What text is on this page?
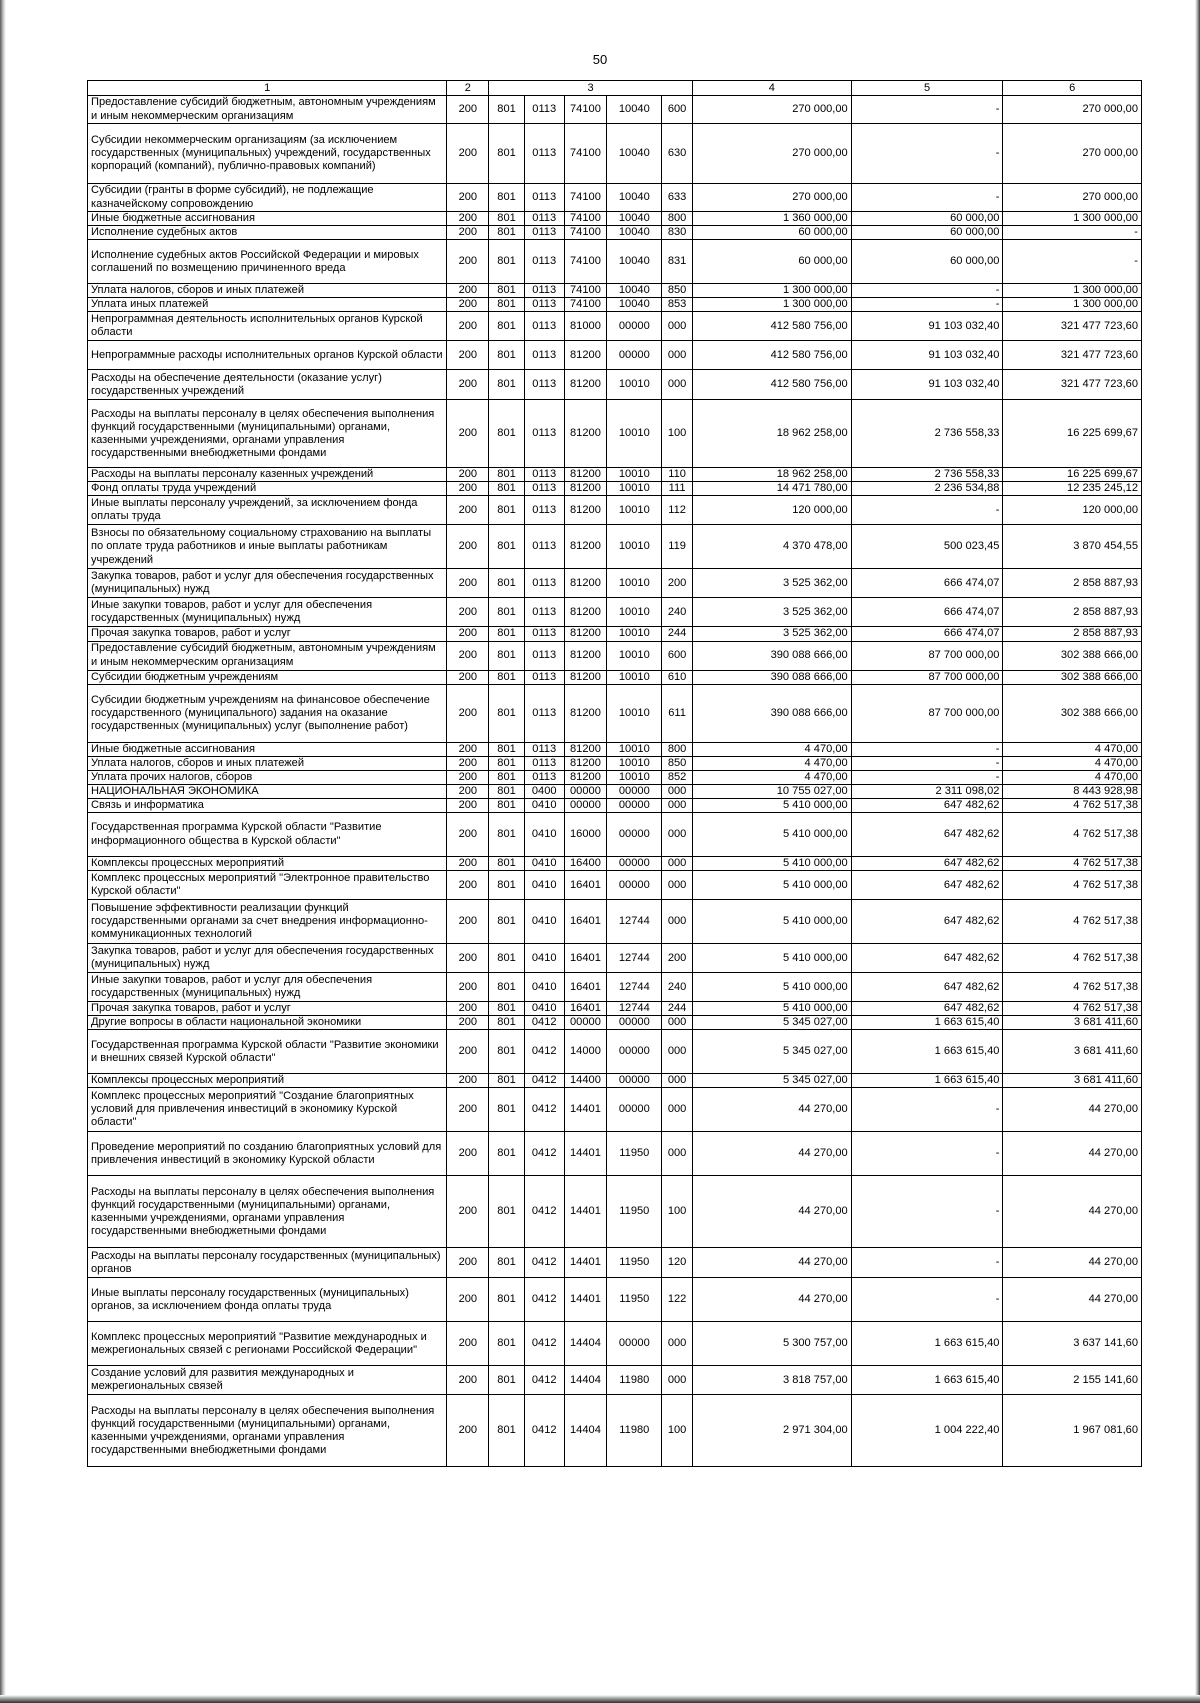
50
1	2	3					4	5	6
Предоставление субсидий бюджетным, автономным учреждениям и иным некоммерческим организациям	200	801	0113	74100	10040	600	270 000,00	-	270 000,00
Субсидии некоммерческим организациям (за исключением государственных (муниципальных) учреждений, государственных корпораций (компаний), публично-правовых компаний)	200	801	0113	74100	10040	630	270 000,00	-	270 000,00
Субсидии (гранты в форме субсидий), не подлежащие казначейскому сопровождению	200	801	0113	74100	10040	633	270 000,00	-	270 000,00
Иные бюджетные ассигнования	200	801	0113	74100	10040	800	1 360 000,00	60 000,00	1 300 000,00
Исполнение судебных актов	200	801	0113	74100	10040	830	60 000,00	60 000,00	-
Исполнение судебных актов Российской Федерации и мировых соглашений по возмещению причиненного вреда	200	801	0113	74100	10040	831	60 000,00	60 000,00	-
Уплата налогов, сборов и иных платежей	200	801	0113	74100	10040	850	1 300 000,00	-	1 300 000,00
Уплата иных платежей	200	801	0113	74100	10040	853	1 300 000,00	-	1 300 000,00
Непрограммная деятельность исполнительных органов Курской области	200	801	0113	81000	00000	000	412 580 756,00	91 103 032,40	321 477 723,60
Непрограммные расходы исполнительных органов Курской области	200	801	0113	81200	00000	000	412 580 756,00	91 103 032,40	321 477 723,60
Расходы на обеспечение деятельности (оказание услуг) государственных учреждений	200	801	0113	81200	10010	000	412 580 756,00	91 103 032,40	321 477 723,60
Расходы на выплаты персоналу в целях обеспечения выполнения функций государственными (муниципальными) органами, казенными учреждениями, органами управления государственными внебюджетными фондами	200	801	0113	81200	10010	100	18 962 258,00	2 736 558,33	16 225 699,67
Расходы на выплаты персоналу казенных учреждений	200	801	0113	81200	10010	110	18 962 258,00	2 736 558,33	16 225 699,67
Фонд оплаты труда учреждений	200	801	0113	81200	10010	111	14 471 780,00	2 236 534,88	12 235 245,12
Иные выплаты персоналу учреждений, за исключением фонда оплаты труда	200	801	0113	81200	10010	112	120 000,00	-	120 000,00
Взносы по обязательному социальному страхованию на выплаты по оплате труда работников и иные выплаты работникам учреждений	200	801	0113	81200	10010	119	4 370 478,00	500 023,45	3 870 454,55
Закупка товаров, работ и услуг для обеспечения государственных (муниципальных) нужд	200	801	0113	81200	10010	200	3 525 362,00	666 474,07	2 858 887,93
Иные закупки товаров, работ и услуг для обеспечения государственных (муниципальных) нужд	200	801	0113	81200	10010	240	3 525 362,00	666 474,07	2 858 887,93
Прочая закупка товаров, работ и услуг	200	801	0113	81200	10010	244	3 525 362,00	666 474,07	2 858 887,93
Предоставление субсидий бюджетным, автономным учреждениям и иным некоммерческим организациям	200	801	0113	81200	10010	600	390 088 666,00	87 700 000,00	302 388 666,00
Субсидии бюджетным учреждениям	200	801	0113	81200	10010	610	390 088 666,00	87 700 000,00	302 388 666,00
Субсидии бюджетным учреждениям на финансовое обеспечение государственного (муниципального) задания на оказание государственных (муниципальных) услуг (выполнение работ)	200	801	0113	81200	10010	611	390 088 666,00	87 700 000,00	302 388 666,00
Иные бюджетные ассигнования	200	801	0113	81200	10010	800	4 470,00	-	4 470,00
Уплата налогов, сборов и иных платежей	200	801	0113	81200	10010	850	4 470,00	-	4 470,00
Уплата прочих налогов, сборов	200	801	0113	81200	10010	852	4 470,00	-	4 470,00
НАЦИОНАЛЬНАЯ ЭКОНОМИКА	200	801	0400	00000	00000	000	10 755 027,00	2 311 098,02	8 443 928,98
Связь и информатика	200	801	0410	00000	00000	000	5 410 000,00	647 482,62	4 762 517,38
Государственная программа Курской области "Развитие информационного общества в Курской области"	200	801	0410	16000	00000	000	5 410 000,00	647 482,62	4 762 517,38
Комплексы процессных мероприятий	200	801	0410	16400	00000	000	5 410 000,00	647 482,62	4 762 517,38
Комплекс процессных мероприятий "Электронное правительство Курской области"	200	801	0410	16401	00000	000	5 410 000,00	647 482,62	4 762 517,38
Повышение эффективности реализации функций государственными органами за счет внедрения информационно-коммуникационных технологий	200	801	0410	16401	12744	000	5 410 000,00	647 482,62	4 762 517,38
Закупка товаров, работ и услуг для обеспечения государственных (муниципальных) нужд	200	801	0410	16401	12744	200	5 410 000,00	647 482,62	4 762 517,38
Иные закупки товаров, работ и услуг для обеспечения государственных (муниципальных) нужд	200	801	0410	16401	12744	240	5 410 000,00	647 482,62	4 762 517,38
Прочая закупка товаров, работ и услуг	200	801	0410	16401	12744	244	5 410 000,00	647 482,62	4 762 517,38
Другие вопросы в области национальной экономики	200	801	0412	00000	00000	000	5 345 027,00	1 663 615,40	3 681 411,60
Государственная программа Курской области "Развитие экономики и внешних связей Курской области"	200	801	0412	14000	00000	000	5 345 027,00	1 663 615,40	3 681 411,60
Комплексы процессных мероприятий	200	801	0412	14400	00000	000	5 345 027,00	1 663 615,40	3 681 411,60
Комплекс процессных мероприятий "Создание благоприятных условий для привлечения инвестиций в экономику Курской области"	200	801	0412	14401	00000	000	44 270,00	-	44 270,00
Проведение мероприятий по созданию благоприятных условий для привлечения инвестиций в экономику Курской области	200	801	0412	14401	11950	000	44 270,00	-	44 270,00
Расходы на выплаты персоналу в целях обеспечения выполнения функций государственными (муниципальными) органами, казенными учреждениями, органами управления государственными внебюджетными фондами	200	801	0412	14401	11950	100	44 270,00	-	44 270,00
Расходы на выплаты персоналу государственных (муниципальных) органов	200	801	0412	14401	11950	120	44 270,00	-	44 270,00
Иные выплаты персоналу государственных (муниципальных) органов, за исключением фонда оплаты труда	200	801	0412	14401	11950	122	44 270,00	-	44 270,00
Комплекс процессных мероприятий "Развитие международных и межрегиональных связей с регионами Российской Федерации"	200	801	0412	14404	00000	000	5 300 757,00	1 663 615,40	3 637 141,60
Создание условий для развития международных и межрегиональных связей	200	801	0412	14404	11980	000	3 818 757,00	1 663 615,40	2 155 141,60
Расходы на выплаты персоналу в целях обеспечения выполнения функций государственными (муниципальными) органами, казенными учреждениями, органами управления государственными внебюджетными фондами	200	801	0412	14404	11980	100	2 971 304,00	1 004 222,40	1 967 081,60
